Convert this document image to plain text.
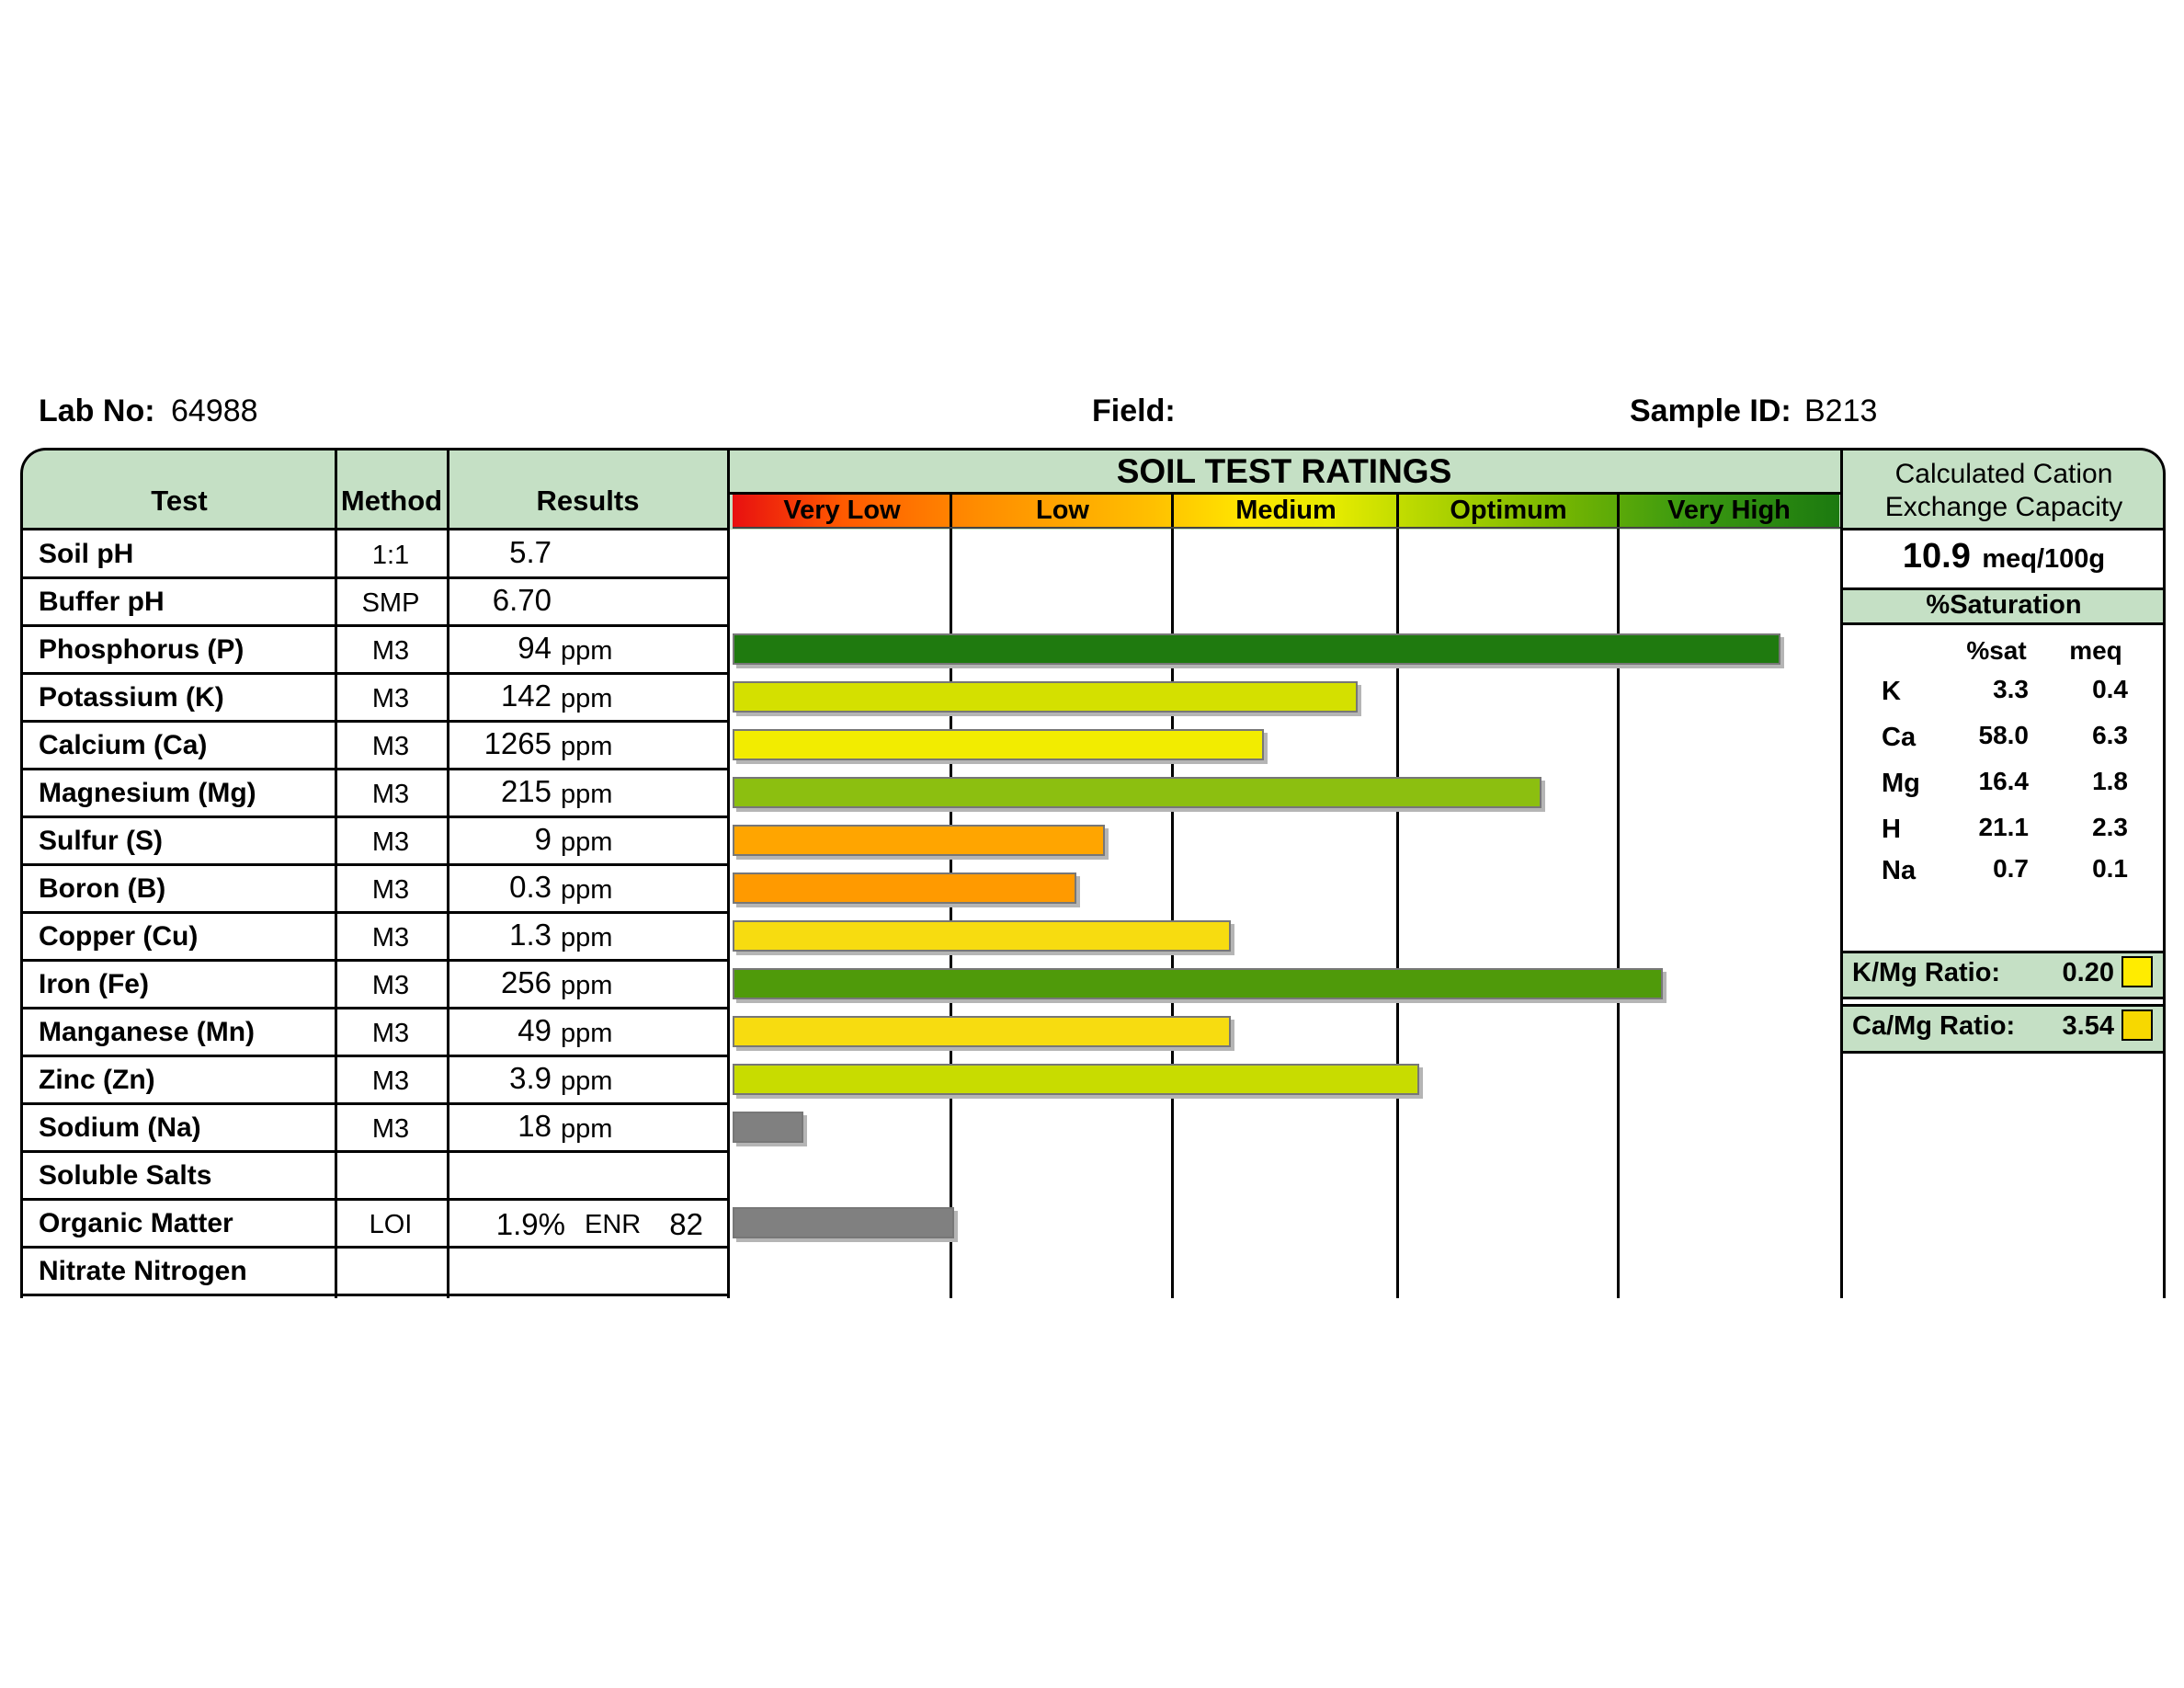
Lab No: 64988	Field:	Sample ID: B213
Test	Method	Results
SOIL TEST RATINGS
Very Low	Low	Medium	Optimum	Very High
Calculated Cation
Exchange Capacity
Soil pH	1:1	5.7
Buffer pH	SMP	6.70
Phosphorus (P)	M3	94 ppm
Potassium (K)	M3	142 ppm
Calcium (Ca)	M3	1265 ppm
Magnesium (Mg)	M3	215 ppm
Sulfur (S)	M3	9 ppm
Boron (B)	M3	0.3 ppm
Copper (Cu)	M3	1.3 ppm
Iron (Fe)	M3	256 ppm
Manganese (Mn)	M3	49 ppm
Zinc (Zn)	M3	3.9 ppm
Sodium (Na)	M3	18 ppm
Soluble Salts
Organic Matter	LOI	1.9% ENR 82
Nitrate Nitrogen
10.9 meq/100g
%Saturation
%sat	meq
K	3.3	0.4
Ca	58.0	6.3
Mg	16.4	1.8
H	21.1	2.3
Na	0.7	0.1
K/Mg Ratio:	0.20
Ca/Mg Ratio:	3.54
